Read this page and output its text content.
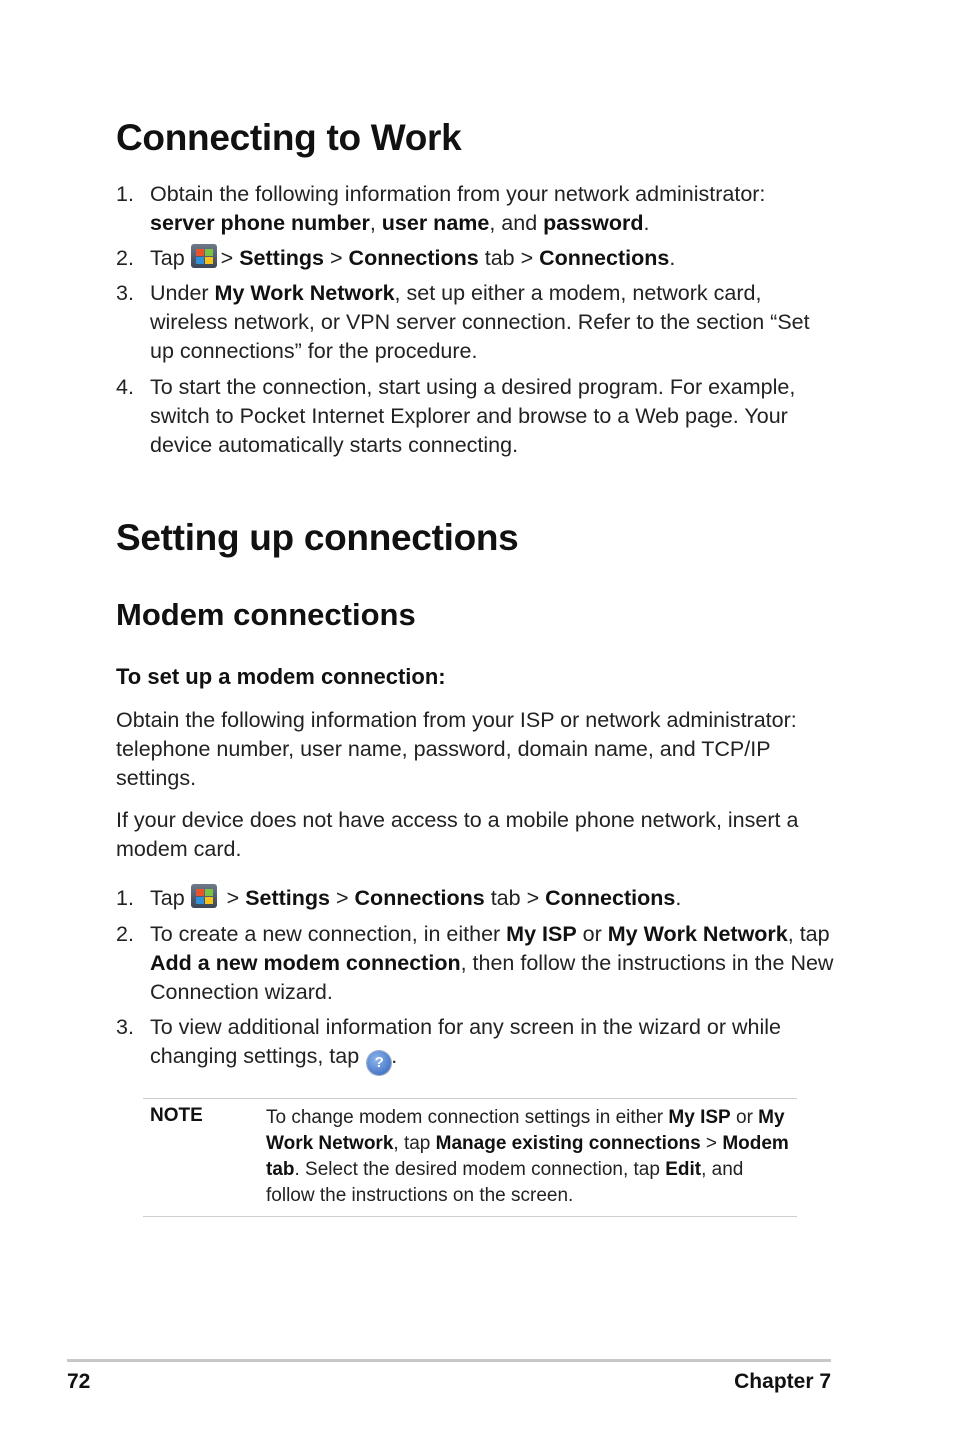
Connecting to Work
1. Obtain the following information from your network administrator:
server phone number, user name, and password.
2. Tap > Settings > Connections tab > Connections.
3. Under My Work Network, set up either a modem, network card, wireless network, or VPN server connection. Refer to the section “Set up connections” for the procedure.
4. To start the connection, start using a desired program. For example, switch to Pocket Internet Explorer and browse to a Web page. Your device automatically starts connecting.
Setting up connections
Modem connections
To set up a modem connection:

Obtain the following information from your ISP or network administrator: telephone number, user name, password, domain name, and TCP/IP settings.

If your device does not have access to a mobile phone network, insert a modem card.

1. Tap
> Settings > Connections tab > Connections.
2. To create a new connection, in either My ISP or My Work Network, tap Add a new modem connection, then follow the instructions in the New Connection wizard.
3. To view additional information for any screen in the wizard or while changing settings, tap ? .
NOTE	To change modem connection settings in either My ISP or My Work Network, tap Manage existing connections > Modem tab. Select the desired modem connection, tap Edit, and follow the instructions on the screen.
72	Chapter 7
